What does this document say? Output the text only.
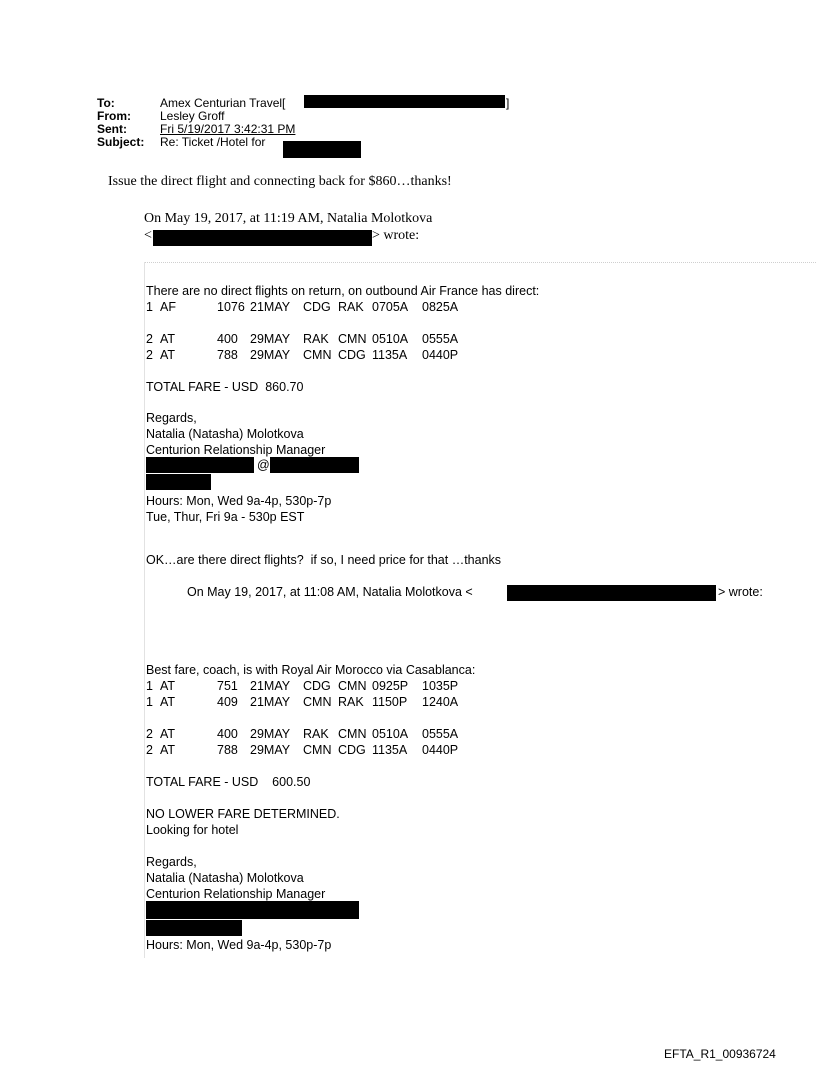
To:	Amex Centurian Travel[
From: Lesley Groff
Sent:	Fri 5/19/2017 3:42:31 PM
Subject: Re: Ticket /Hotel for
]
Issue the direct flight and connecting back for $860…thanks!
On May 19, 2017, at 11:19 AM, Natalia Molotkova
<	> wrote:
There are no direct flights on return, on outbound Air France has direct:
1 AF	1076 21MAY CDG RAK 0705A 0825A
2 AT	400 29MAY RAK CMN 0510A 0555A
2 AT	788 29MAY CMN CDG 1135A 0440P
TOTAL FARE - USD  860.70
Regards,
Natalia (Natasha) Molotkova
Centurion Relationship Manager
@
Hours: Mon, Wed 9a-4p, 530p-7p
Tue, Thur, Fri 9a - 530p EST
OK…are there direct flights?  if so, I need price for that …thanks
On May 19, 2017, at 11:08 AM, Natalia Molotkova <	> wrote:
Best fare, coach, is with Royal Air Morocco via Casablanca:
1 AT	751 21MAY CDG CMN 0925P 1035P
1 AT	409 21MAY CMN RAK 1150P 1240A
2 AT	400 29MAY RAK CMN 0510A 0555A
2 AT	788 29MAY CMN CDG 1135A 0440P
TOTAL FARE - USD    600.50
NO LOWER FARE DETERMINED.
Looking for hotel
Regards,
Natalia (Natasha) Molotkova
Centurion Relationship Manager
Hours: Mon, Wed 9a-4p, 530p-7p
EFTA_R1_00936724
